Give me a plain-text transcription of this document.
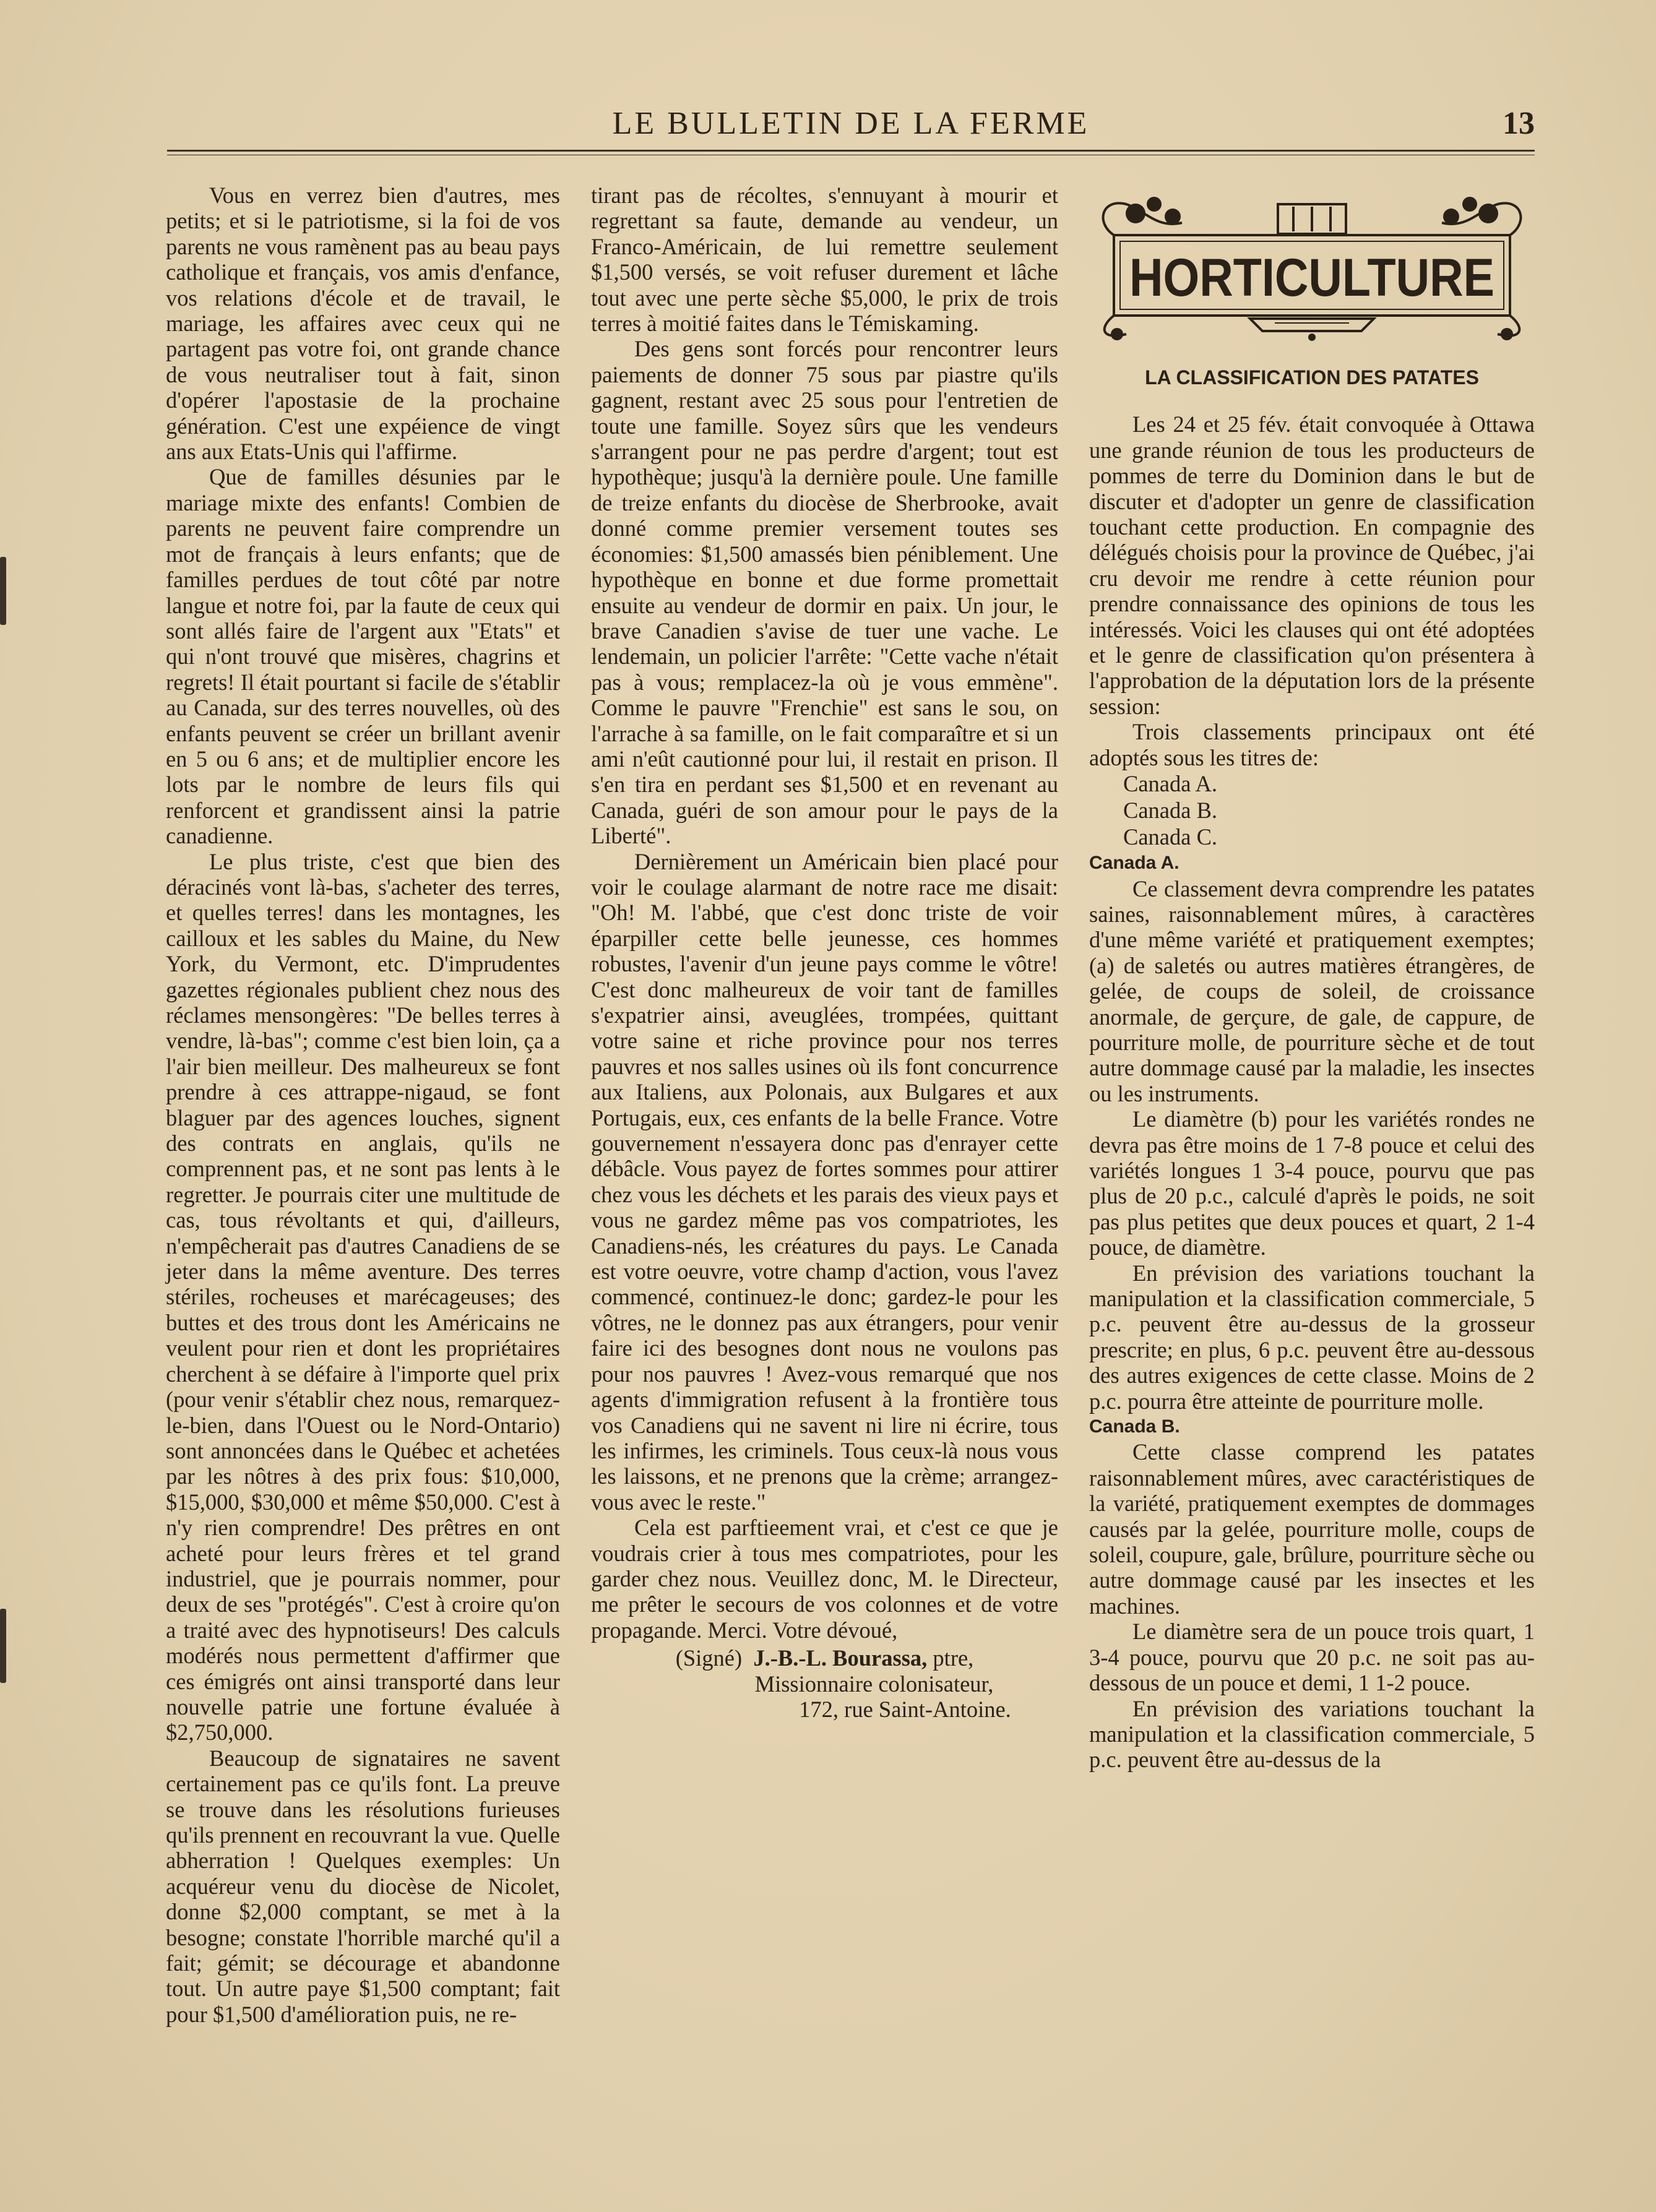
LE BULLETIN DE LA FERME	13

Vous en verrez bien d'autres, mes petits; et si le patriotisme, si la foi de vos parents ne vous ramènent pas au beau pays catholique et français, vos amis d'enfance, vos relations d'école et de travail, le mariage, les affaires avec ceux qui ne partagent pas votre foi, ont grande chance de vous neutraliser tout à fait, sinon d'opérer l'apostasie de la prochaine génération. C'est une expéience de vingt ans aux Etats-Unis qui l'affirme.

Que de familles désunies par le mariage mixte des enfants! Combien de parents ne peuvent faire comprendre un mot de français à leurs enfants; que de familles perdues de tout côté par notre langue et notre foi, par la faute de ceux qui sont allés faire de l'argent aux "Etats" et qui n'ont trouvé que misères, chagrins et regrets! Il était pourtant si facile de s'établir au Canada, sur des terres nouvelles, où des enfants peuvent se créer un brillant avenir en 5 ou 6 ans; et de multiplier encore les lots par le nombre de leurs fils qui renforcent et grandissent ainsi la patrie canadienne.

Le plus triste, c'est que bien des déracinés vont là-bas, s'acheter des terres, et quelles terres! dans les montagnes, les cailloux et les sables du Maine, du New York, du Vermont, etc. D'imprudentes gazettes régionales publient chez nous des réclames mensongères: "De belles terres à vendre, là-bas"; comme c'est bien loin, ça a l'air bien meilleur. Des malheureux se font prendre à ces attrappe-nigaud, se font blaguer par des agences louches, signent des contrats en anglais, qu'ils ne comprennent pas, et ne sont pas lents à le regretter. Je pourrais citer une multitude de cas, tous révoltants et qui, d'ailleurs, n'empêcherait pas d'autres Canadiens de se jeter dans la même aventure. Des terres stériles, rocheuses et marécageuses; des buttes et des trous dont les Américains ne veulent pour rien et dont les propriétaires cherchent à se défaire à l'importe quel prix (pour venir s'établir chez nous, remarquez-le-bien, dans l'Ouest ou le Nord-Ontario) sont annoncées dans le Québec et achetées par les nôtres à des prix fous: $10,000, $15,000, $30,000 et même $50,000. C'est à n'y rien comprendre! Des prêtres en ont acheté pour leurs frères et tel grand industriel, que je pourrais nommer, pour deux de ses "protégés". C'est à croire qu'on a traité avec des hypnotiseurs! Des calculs modérés nous permettent d'affirmer que ces émigrés ont ainsi transporté dans leur nouvelle patrie une fortune évaluée à $2,750,000.

Beaucoup de signataires ne savent certainement pas ce qu'ils font. La preuve se trouve dans les résolutions furieuses qu'ils prennent en recouvrant la vue. Quelle abherration ! Quelques exemples: Un acquéreur venu du diocèse de Nicolet, donne $2,000 comptant, se met à la besogne; constate l'horrible marché qu'il a fait; gémit; se décourage et abandonne tout. Un autre paye $1,500 comptant; fait pour $1,500 d'amélioration puis, ne re-

tirant pas de récoltes, s'ennuyant à mourir et regrettant sa faute, demande au vendeur, un Franco-Américain, de lui remettre seulement $1,500 versés, se voit refuser durement et lâche tout avec une perte sèche $5,000, le prix de trois terres à moitié faites dans le Témiskaming.

Des gens sont forcés pour rencontrer leurs paiements de donner 75 sous par piastre qu'ils gagnent, restant avec 25 sous pour l'entretien de toute une famille. Soyez sûrs que les vendeurs s'arrangent pour ne pas perdre d'argent; tout est hypothèque; jusqu'à la dernière poule. Une famille de treize enfants du diocèse de Sherbrooke, avait donné comme premier versement toutes ses économies: $1,500 amassés bien péniblement. Une hypothèque en bonne et due forme promettait ensuite au vendeur de dormir en paix. Un jour, le brave Canadien s'avise de tuer une vache. Le lendemain, un policier l'arrête: "Cette vache n'était pas à vous; remplacez-la où je vous emmène". Comme le pauvre "Frenchie" est sans le sou, on l'arrache à sa famille, on le fait comparaître et si un ami n'eût cautionné pour lui, il restait en prison. Il s'en tira en perdant ses $1,500 et en revenant au Canada, guéri de son amour pour le pays de la Liberté".

Dernièrement un Américain bien placé pour voir le coulage alarmant de notre race me disait: "Oh! M. l'abbé, que c'est donc triste de voir éparpiller cette belle jeunesse, ces hommes robustes, l'avenir d'un jeune pays comme le vôtre! C'est donc malheureux de voir tant de familles s'expatrier ainsi, aveuglées, trompées, quittant votre saine et riche province pour nos terres pauvres et nos salles usines où ils font concurrence aux Italiens, aux Polonais, aux Bulgares et aux Portugais, eux, ces enfants de la belle France. Votre gouvernement n'essayera donc pas d'enrayer cette débâcle. Vous payez de fortes sommes pour attirer chez vous les déchets et les parais des vieux pays et vous ne gardez même pas vos compatriotes, les Canadiens-nés, les créatures du pays. Le Canada est votre oeuvre, votre champ d'action, vous l'avez commencé, continuez-le donc; gardez-le pour les vôtres, ne le donnez pas aux étrangers, pour venir faire ici des besognes dont nous ne voulons pas pour nos pauvres ! Avez-vous remarqué que nos agents d'immigration refusent à la frontière tous vos Canadiens qui ne savent ni lire ni écrire, tous les infirmes, les criminels. Tous ceux-là nous vous les laissons, et ne prenons que la crème; arrangez-vous avec le reste."

Cela est parftieement vrai, et c'est ce que je voudrais crier à tous mes compatriotes, pour les garder chez nous. Veuillez donc, M. le Directeur, me prêter le secours de vos colonnes et de votre propagande. Merci. Votre dévoué,

(Signé) J.-B.-L. Bourassa, ptre,
Missionnaire colonisateur,
172, rue Saint-Antoine.
HORTICULTURE
LA CLASSIFICATION DES PATATES

Les 24 et 25 fév. était convoquée à Ottawa une grande réunion de tous les producteurs de pommes de terre du Dominion dans le but de discuter et d'adopter un genre de classification touchant cette production. En compagnie des délégués choisis pour la province de Québec, j'ai cru devoir me rendre à cette réunion pour prendre connaissance des opinions de tous les intéressés. Voici les clauses qui ont été adoptées et le genre de classification qu'on présentera à l'approbation de la députation lors de la présente session:

Trois classements principaux ont été adoptés sous les titres de:

Canada A.
Canada B.
Canada C.

Canada A.

Ce classement devra comprendre les patates saines, raisonnablement mûres, à caractères d'une même variété et pratiquement exemptes; (a) de saletés ou autres matières étrangères, de gelée, de coups de soleil, de croissance anormale, de gerçure, de gale, de cappure, de pourriture molle, de pourriture sèche et de tout autre dommage causé par la maladie, les insectes ou les instruments.

Le diamètre (b) pour les variétés rondes ne devra pas être moins de 1 7-8 pouce et celui des variétés longues 1 3-4 pouce, pourvu que pas plus de 20 p.c., calculé d'après le poids, ne soit pas plus petites que deux pouces et quart, 2 1-4 pouce, de diamètre.

En prévision des variations touchant la manipulation et la classification commerciale, 5 p.c. peuvent être au-dessus de la grosseur prescrite; en plus, 6 p.c. peuvent être au-dessous des autres exigences de cette classe. Moins de 2 p.c. pourra être atteinte de pourriture molle.

Canada B.

Cette classe comprend les patates raisonnablement mûres, avec caractéristiques de la variété, pratiquement exemptes de dommages causés par la gelée, pourriture molle, coups de soleil, coupure, gale, brûlure, pourriture sèche ou autre dommage causé par les insectes et les machines.

Le diamètre sera de un pouce trois quart, 1 3-4 pouce, pourvu que 20 p.c. ne soit pas au-dessous de un pouce et demi, 1 1-2 pouce.

En prévision des variations touchant la manipulation et la classification commerciale, 5 p.c. peuvent être au-dessus de la
